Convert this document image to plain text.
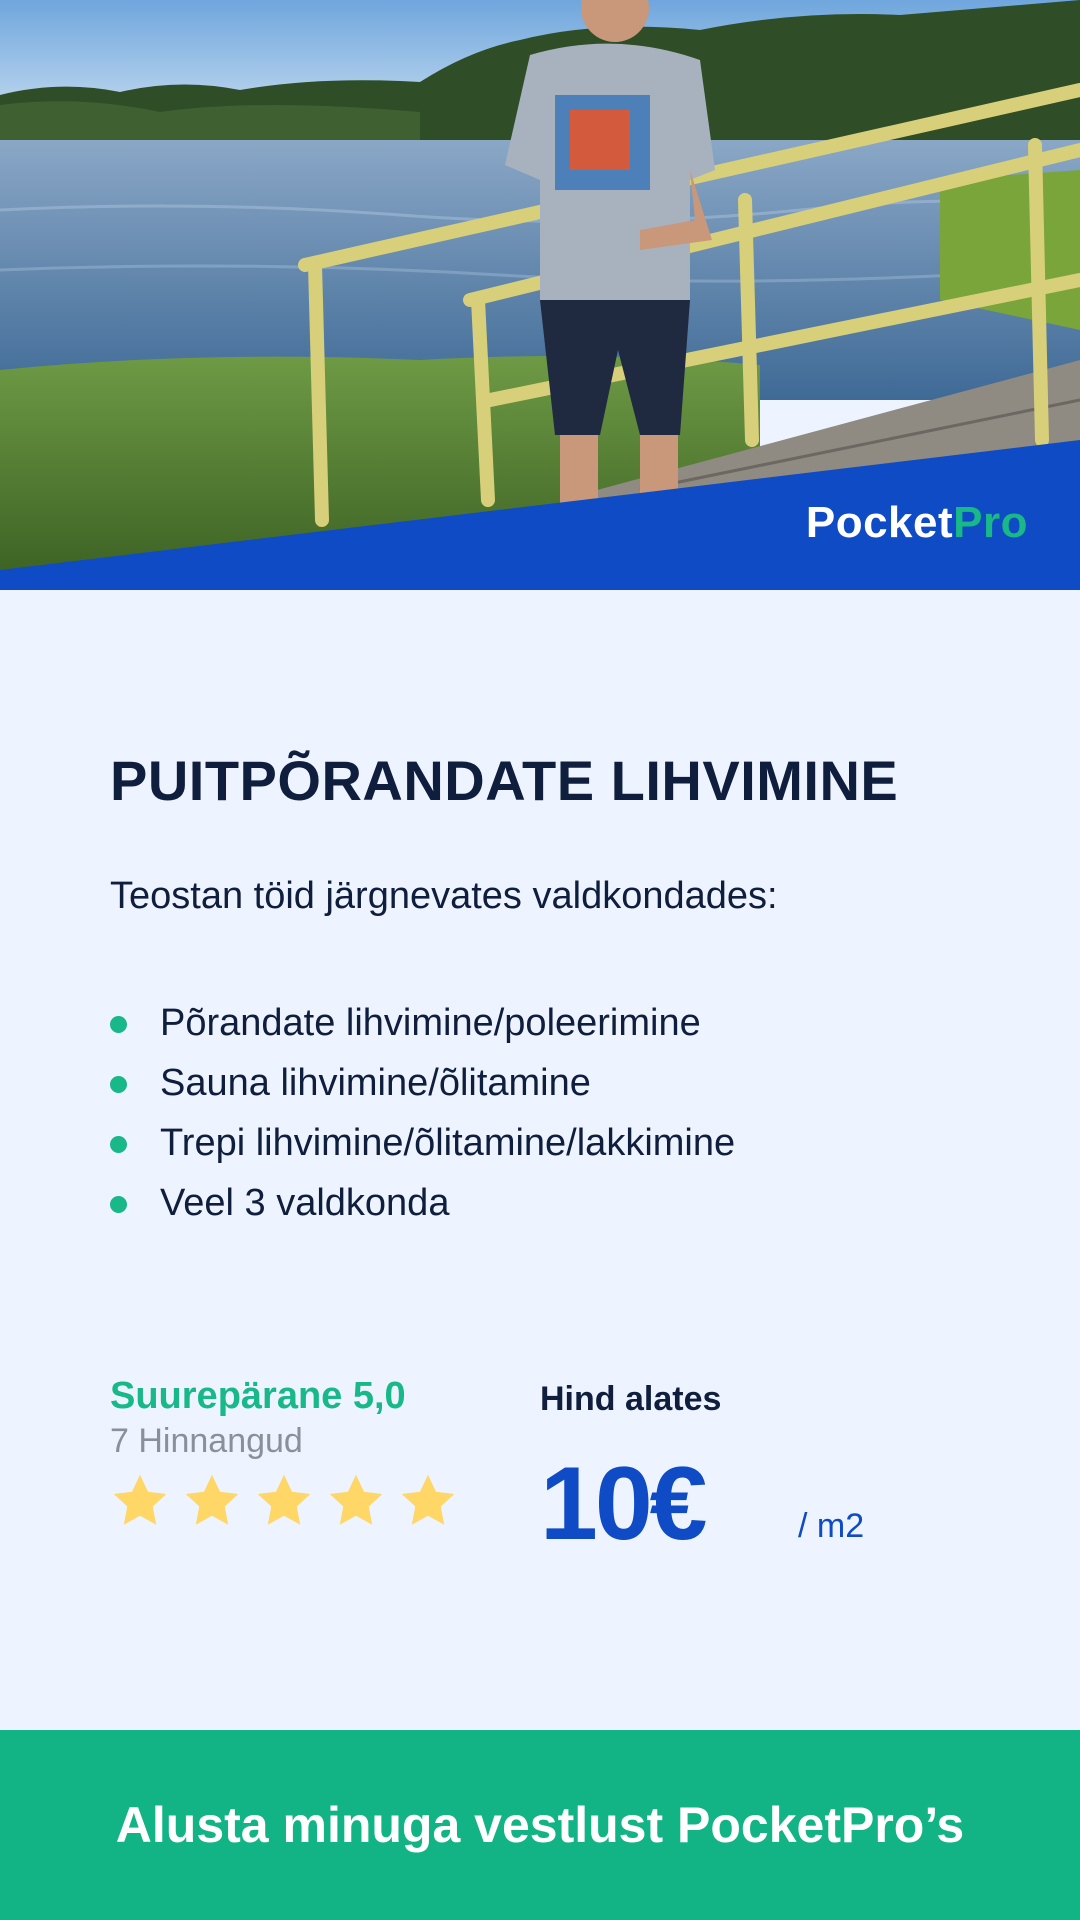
PocketPro
PUITPÕRANDATE LIHVIMINE

Teostan töid järgnevates valdkondades:

Põrandate lihvimine/poleerimine
Sauna lihvimine/õlitamine
Trepi lihvimine/õlitamine/lakkimine
Veel 3 valdkonda
Suurepärane 5,0
7 Hinnangud
Hind alates
10€	/ m2
Alusta minuga vestlust PocketPro’s
